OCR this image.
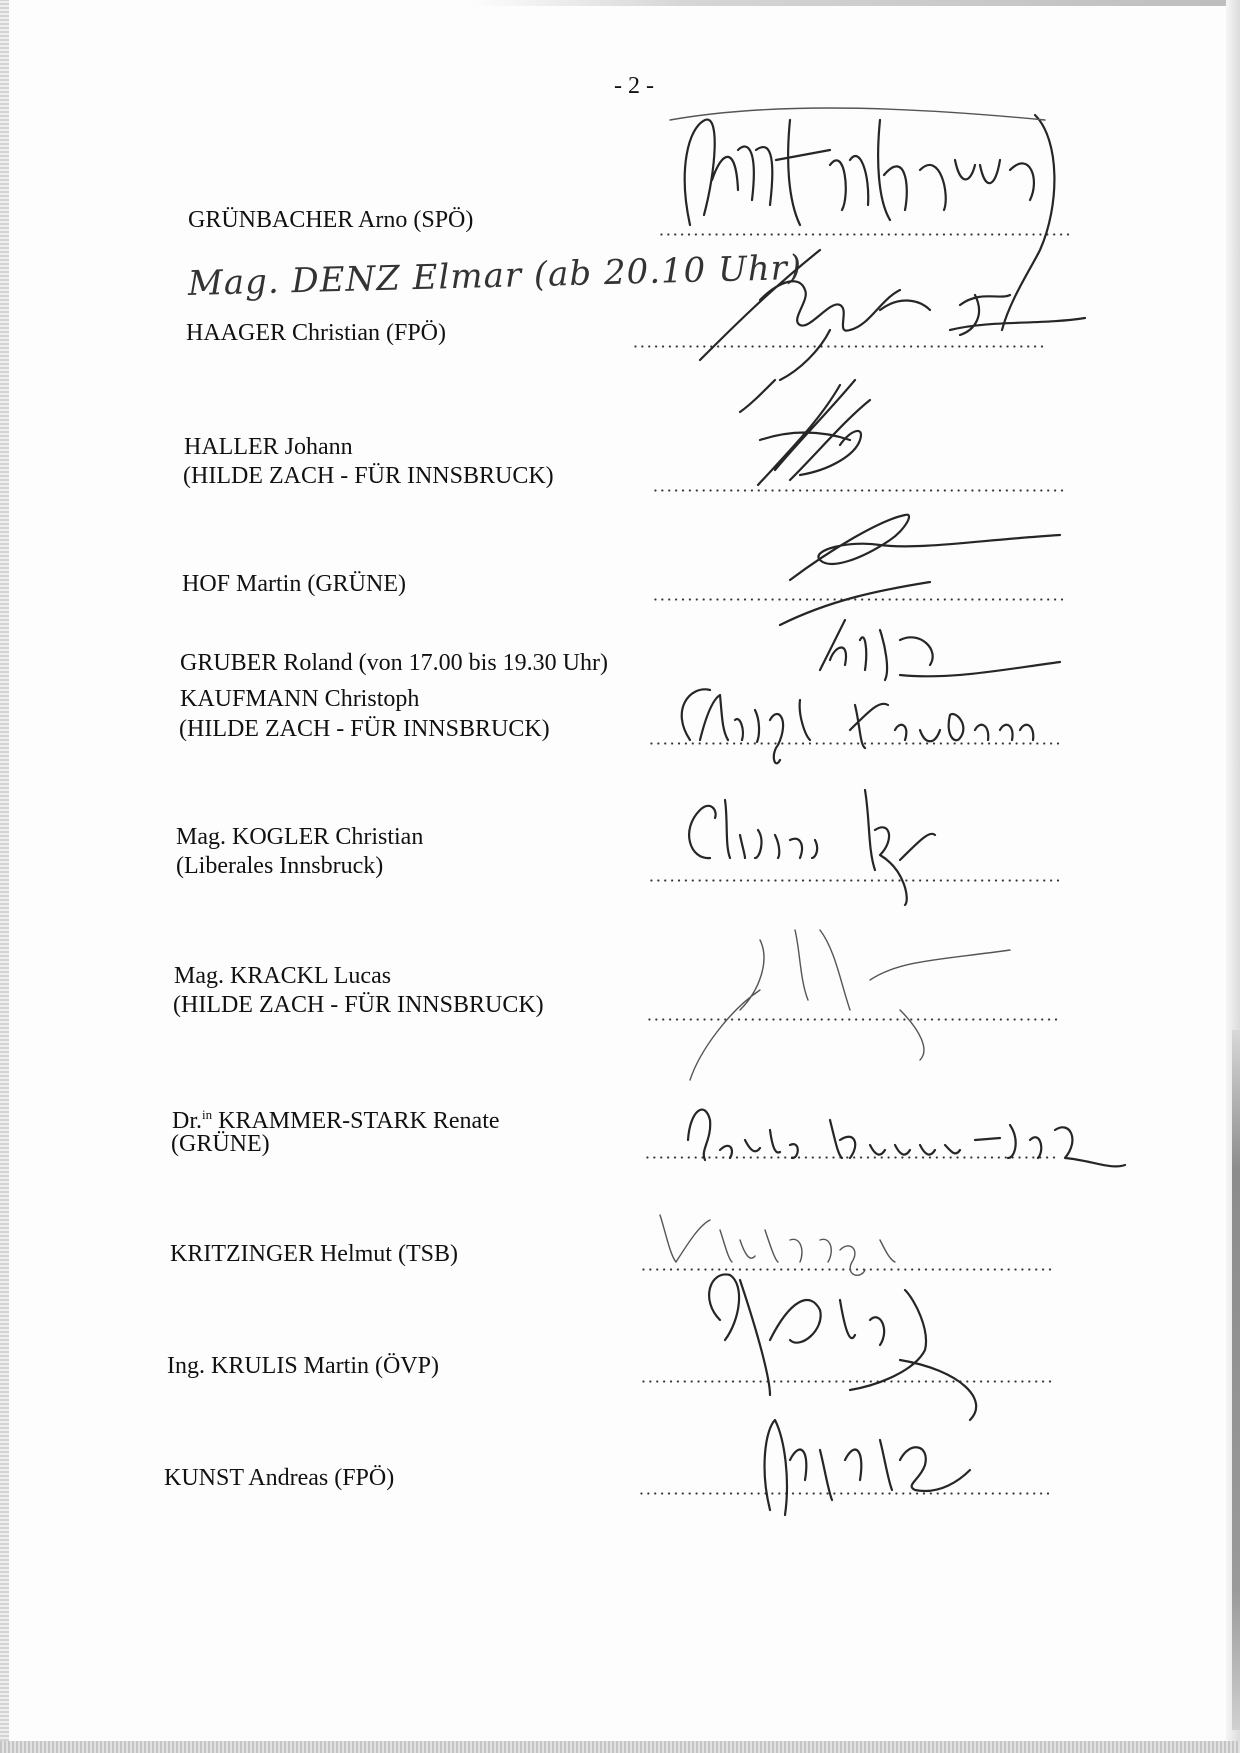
- 2 -
GRÜNBACHER Arno (SPÖ)
Mag. DENZ Elmar (ab 20.10 Uhr)
HAAGER Christian (FPÖ)
HALLER Johann
(HILDE ZACH - FÜR INNSBRUCK)
HOF Martin (GRÜNE)
GRUBER Roland (von 17.00 bis 19.30 Uhr)
KAUFMANN Christoph
(HILDE ZACH - FÜR INNSBRUCK)
Mag. KOGLER Christian
(Liberales Innsbruck)
Mag. KRACKL Lucas
(HILDE ZACH - FÜR INNSBRUCK)
Dr.$^{in}$ KRAMMER-STARK Renate
(GRÜNE)
KRITZINGER Helmut (TSB)
Ing. KRULIS Martin (ÖVP)
KUNST Andreas (FPÖ)
